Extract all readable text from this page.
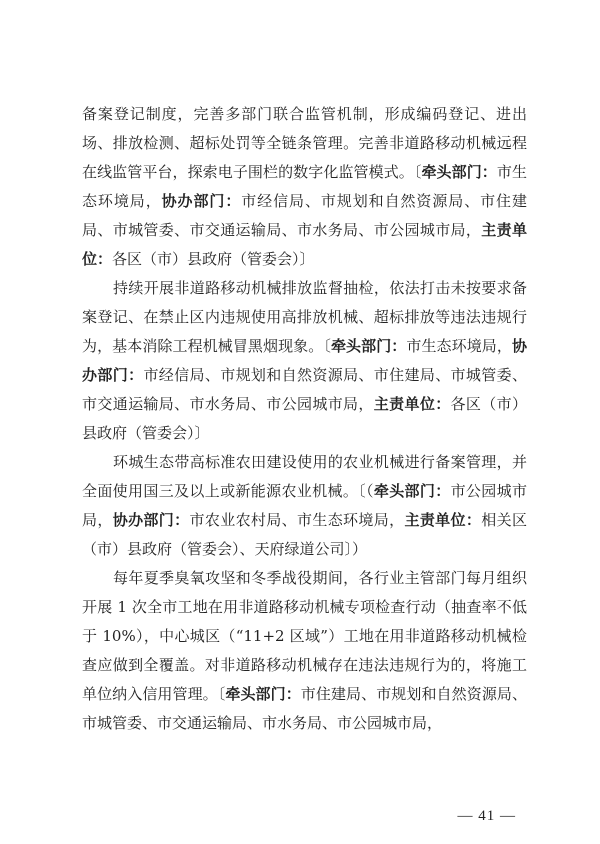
备案登记制度，完善多部门联合监管机制，形成编码登记、进出场、排放检测、超标处罚等全链条管理。完善非道路移动机械远程在线监管平台，探索电子围栏的数字化监管模式。〔牵头部门：市生态环境局，协办部门：市经信局、市规划和自然资源局、市住建局、市城管委、市交通运输局、市水务局、市公园城市局，主责单位：各区（市）县政府（管委会）〕

持续开展非道路移动机械排放监督抽检，依法打击未按要求备案登记、在禁止区内违规使用高排放机械、超标排放等违法违规行为，基本消除工程机械冒黑烟现象。〔牵头部门：市生态环境局，协办部门：市经信局、市规划和自然资源局、市住建局、市城管委、市交通运输局、市水务局、市公园城市局，主责单位：各区（市）县政府（管委会）〕

环城生态带高标准农田建设使用的农业机械进行备案管理，并全面使用国三及以上或新能源农业机械。〔（牵头部门：市公园城市局，协办部门：市农业农村局、市生态环境局，主责单位：相关区（市）县政府（管委会）、天府绿道公司〕）

每年夏季臭氧攻坚和冬季战役期间，各行业主管部门每月组织开展 1 次全市工地在用非道路移动机械专项检查行动（抽查率不低于 10%），中心城区（“11+2 区域”）工地在用非道路移动机械检查应做到全覆盖。对非道路移动机械存在违法违规行为的，将施工单位纳入信用管理。〔牵头部门：市住建局、市规划和自然资源局、市城管委、市交通运输局、市水务局、市公园城市局，

— 41 —
